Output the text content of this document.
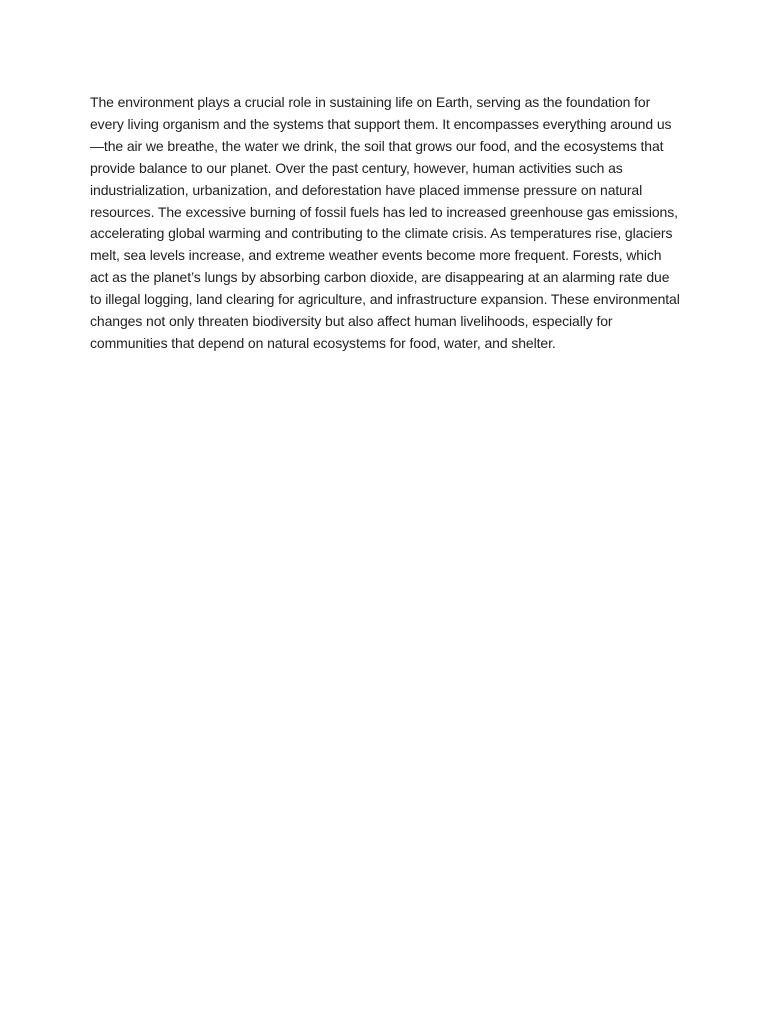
The environment plays a crucial role in sustaining life on Earth, serving as the foundation for every living organism and the systems that support them. It encompasses everything around us—the air we breathe, the water we drink, the soil that grows our food, and the ecosystems that provide balance to our planet. Over the past century, however, human activities such as industrialization, urbanization, and deforestation have placed immense pressure on natural resources. The excessive burning of fossil fuels has led to increased greenhouse gas emissions, accelerating global warming and contributing to the climate crisis. As temperatures rise, glaciers melt, sea levels increase, and extreme weather events become more frequent. Forests, which act as the planet’s lungs by absorbing carbon dioxide, are disappearing at an alarming rate due to illegal logging, land clearing for agriculture, and infrastructure expansion. These environmental changes not only threaten biodiversity but also affect human livelihoods, especially for communities that depend on natural ecosystems for food, water, and shelter.
